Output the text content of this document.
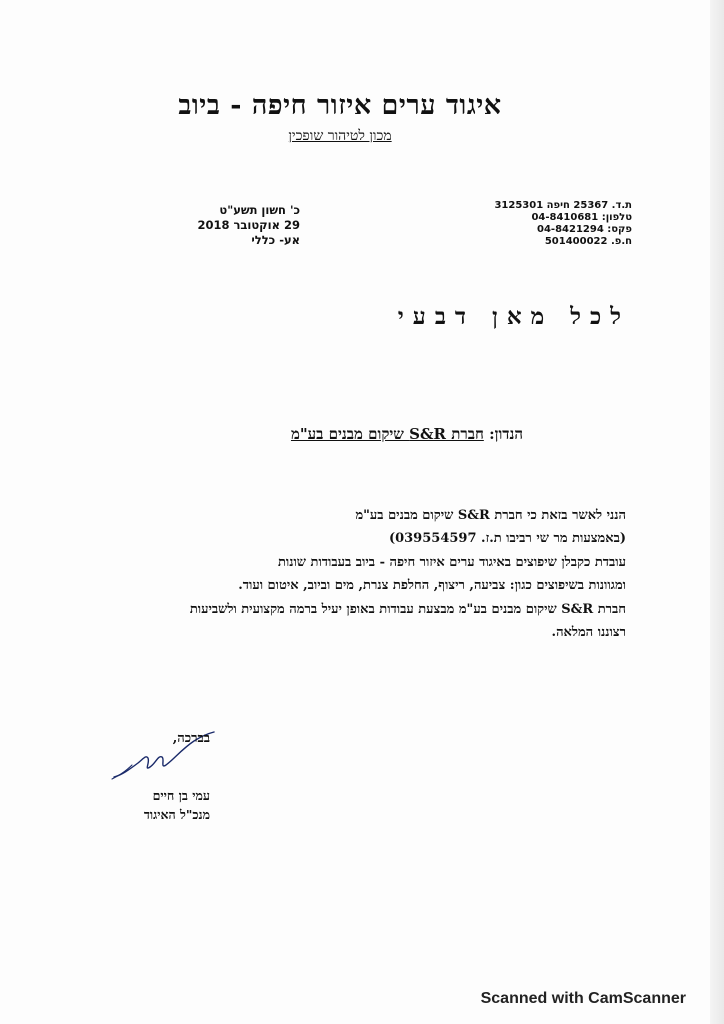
איגוד ערים איזור חיפה - ביוב
מכון לטיהור שופכין
ת.ד. 25367 חיפה 3125301
טלפון: 04-8410681
פקס: 04-8421294
ח.פ. 501400022
כ' חשון תשע"ט
29 אוקטובר 2018
אע- כללי
לכל מאן דבעי
הנדון: חברת S&R שיקום מבנים בע"מ
הנני לאשר בזאת כי חברת S&R שיקום מבנים בע"מ
(באמצעות מר שי רביבו ת.ז. 039554597)
עובדת כקבלן שיפוצים באיגוד ערים איזור חיפה - ביוב בעבודות שונות
ומגוונות בשיפוצים כגון: צביעה, ריצוף, החלפת צנרת, מים וביוב, איטום ועוד.
חברת S&R שיקום מבנים בע"מ מבצעת עבודות באופן יעיל ברמה מקצועית ולשביעות
רצוננו המלאה.
בברכה,
עמי בן חיים
מנכ"ל האיגוד
Scanned with CamScanner
